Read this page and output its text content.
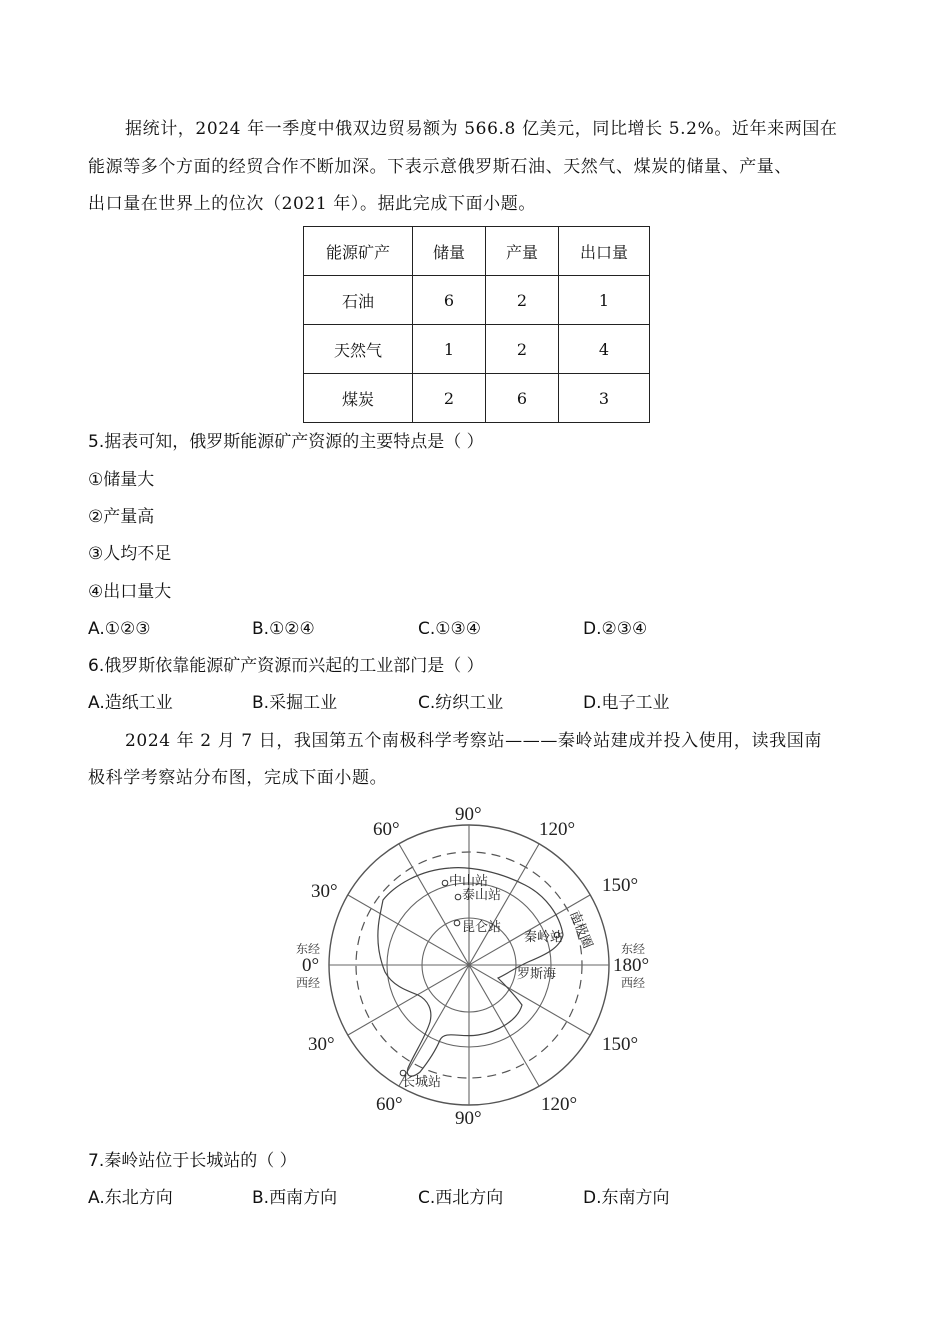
据统计，2024 年一季度中俄双边贸易额为 566.8 亿美元，同比增长 5.2%。近年来两国在
能源等多个方面的经贸合作不断加深。下表示意俄罗斯石油、天然气、煤炭的储量、产量、
出口量在世界上的位次（2021 年）。据此完成下面小题。
能源矿产	储量	产量	出口量
石油	6	2	1
天然气	1	2	4
煤炭	2	6	3
5.据表可知，俄罗斯能源矿产资源的主要特点是（ ）
①储量大
②产量高
③人均不足
④出口量大
A.①②③	B.①②④	C.①③④	D.②③④
6.俄罗斯依靠能源矿产资源而兴起的工业部门是（ ）
A.造纸工业	B.采掘工业	C.纺织工业	D.电子工业
2024 年 2 月 7 日，我国第五个南极科学考察站———秦岭站建成并投入使用，读我国南
极科学考察站分布图，完成下面小题。
中山站
泰山站
昆仑站
秦岭站
长城站
罗斯海
南极圈
90°
60°	120°
30°	150°
0°	180°
30°	150°
60°
90°
120°
东经
西经
东经
西经
7.秦岭站位于长城站的（ ）
A.东北方向	B.西南方向	C.西北方向	D.东南方向
